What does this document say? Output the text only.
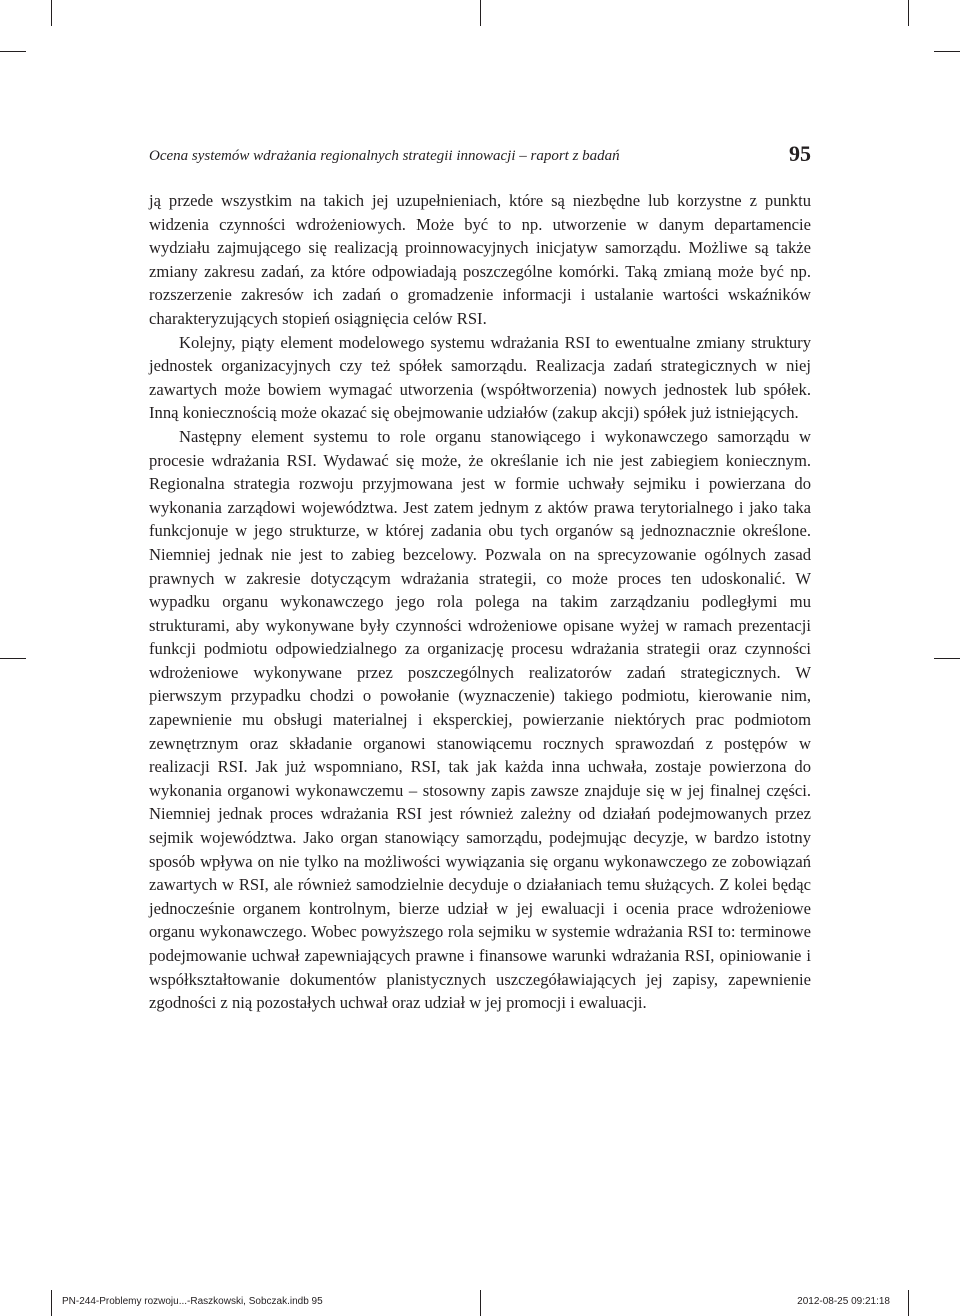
Ocena systemów wdrażania regionalnych strategii innowacji – raport z badań	95

ją przede wszystkim na takich jej uzupełnieniach, które są niezbędne lub korzystne z punktu widzenia czynności wdrożeniowych. Może być to np. utworzenie w danym departamencie wydziału zajmującego się realizacją proinnowacyjnych inicjatyw samorządu. Możliwe są także zmiany zakresu zadań, za które odpowiadają poszczególne komórki. Taką zmianą może być np. rozszerzenie zakresów ich zadań o gromadzenie informacji i ustalanie wartości wskaźników charakteryzujących stopień osiągnięcia celów RSI.

Kolejny, piąty element modelowego systemu wdrażania RSI to ewentualne zmiany struktury jednostek organizacyjnych czy też spółek samorządu. Realizacja zadań strategicznych w niej zawartych może bowiem wymagać utworzenia (współtworzenia) nowych jednostek lub spółek. Inną koniecznością może okazać się obejmowanie udziałów (zakup akcji) spółek już istniejących.

Następny element systemu to role organu stanowiącego i wykonawczego samorządu w procesie wdrażania RSI. Wydawać się może, że określanie ich nie jest zabiegiem koniecznym. Regionalna strategia rozwoju przyjmowana jest w formie uchwały sejmiku i powierzana do wykonania zarządowi województwa. Jest zatem jednym z aktów prawa terytorialnego i jako taka funkcjonuje w jego strukturze, w której zadania obu tych organów są jednoznacznie określone. Niemniej jednak nie jest to zabieg bezcelowy. Pozwala on na sprecyzowanie ogólnych zasad prawnych w zakresie dotyczącym wdrażania strategii, co może proces ten udoskonalić. W wypadku organu wykonawczego jego rola polega na takim zarządzaniu podległymi mu strukturami, aby wykonywane były czynności wdrożeniowe opisane wyżej w ramach prezentacji funkcji podmiotu odpowiedzialnego za organizację procesu wdrażania strategii oraz czynności wdrożeniowe wykonywane przez poszczególnych realizatorów zadań strategicznych. W pierwszym przypadku chodzi o powołanie (wyznaczenie) takiego podmiotu, kierowanie nim, zapewnienie mu obsługi materialnej i eksperckiej, powierzanie niektórych prac podmiotom zewnętrznym oraz składanie organowi stanowiącemu rocznych sprawozdań z postępów w realizacji RSI. Jak już wspomniano, RSI, tak jak każda inna uchwała, zostaje powierzona do wykonania organowi wykonawczemu – stosowny zapis zawsze znajduje się w jej finalnej części. Niemniej jednak proces wdrażania RSI jest również zależny od działań podejmowanych przez sejmik województwa. Jako organ stanowiący samorządu, podejmując decyzje, w bardzo istotny sposób wpływa on nie tylko na możliwości wywiązania się organu wykonawczego ze zobowiązań zawartych w RSI, ale również samodzielnie decyduje o działaniach temu służących. Z kolei będąc jednocześnie organem kontrolnym, bierze udział w jej ewaluacji i ocenia prace wdrożeniowe organu wykonawczego. Wobec powyższego rola sejmiku w systemie wdrażania RSI to: terminowe podejmowanie uchwał zapewniających prawne i finansowe warunki wdrażania RSI, opiniowanie i współkształtowanie dokumentów planistycznych uszczegóławiających jej zapisy, zapewnienie zgodności z nią pozostałych uchwał oraz udział w jej promocji i ewaluacji.

PN-244-Problemy rozwoju...-Raszkowski, Sobczak.indb 95	2012-08-25 09:21:18
